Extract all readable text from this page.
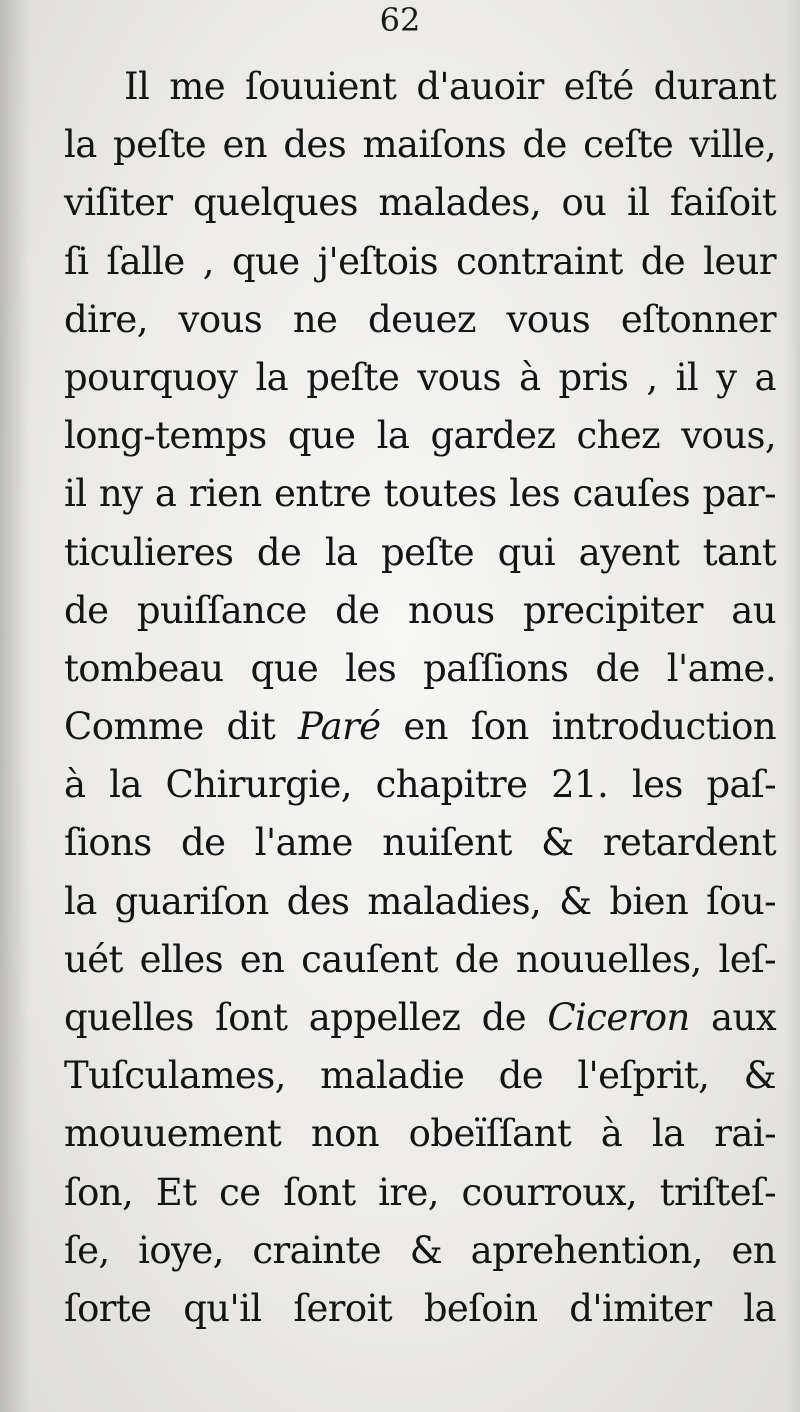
62
Il me ſouuient d'auoir eſté durant
la peſte en des maiſons de ceſte ville,
viſiter quelques malades, ou il faiſoit
ſi ſalle , que j'eſtois contraint de leur
dire, vous ne deuez vous eſtonner
pourquoy la peſte vous à pris , il y a
long-temps que la gardez chez vous,
il ny a rien entre toutes les cauſes par-
ticulieres de la peſte qui ayent tant
de puiſſance de nous precipiter au
tombeau que les paſſions de l'ame.
Comme dit Paré en ſon introduction
à la Chirurgie, chapitre 21. les paſ-
ſions de l'ame nuiſent & retardent
la guariſon des maladies, & bien ſou-
uét elles en cauſent de nouuelles, leſ-
quelles ſont appellez de Ciceron aux
Tuſculames, maladie de l'eſprit, &
mouuement non obeïſſant à la rai-
ſon, Et ce ſont ire, courroux, triſteſ-
ſe, ioye, crainte & aprehention, en
ſorte qu'il ſeroit beſoin d'imiter la
